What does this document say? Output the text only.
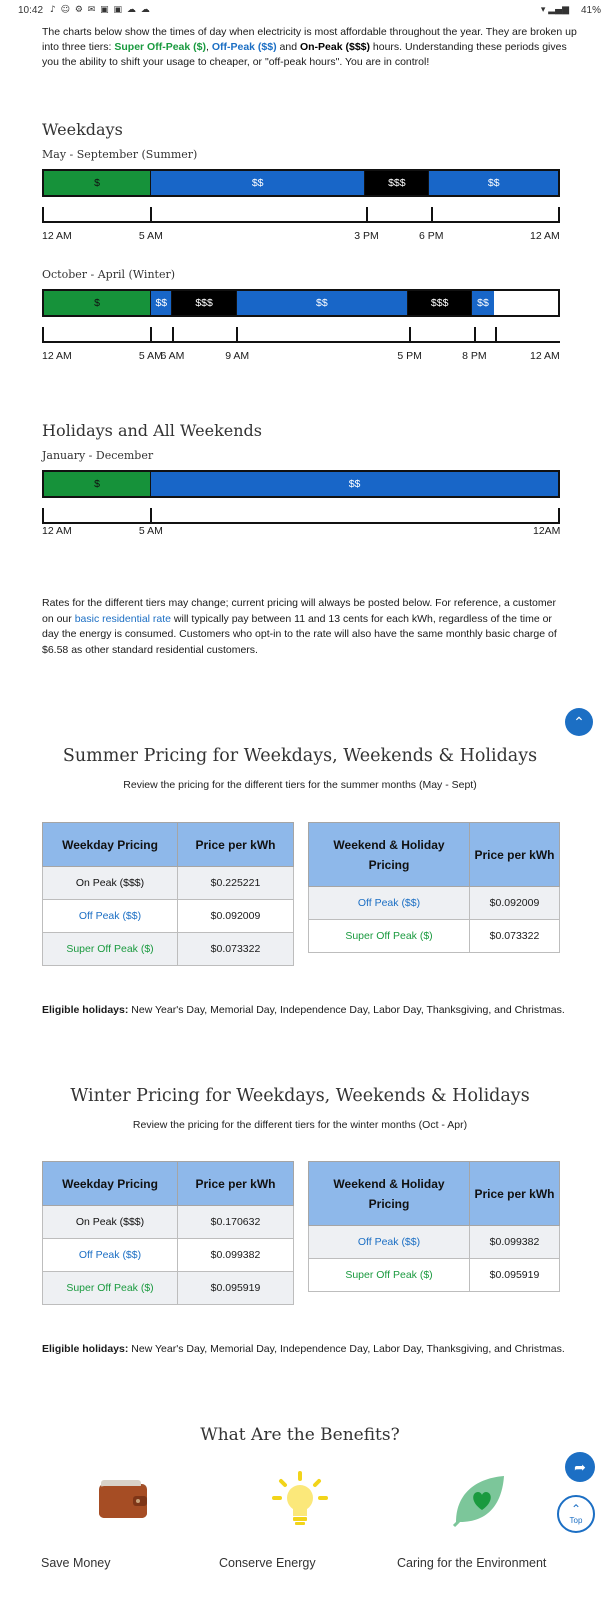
10:42 ♪ ☺ ⚙ ✉ ▣ ▣ ☁ ☁	▾ ▂▄▆ 41%

The charts below show the times of day when electricity is most affordable throughout the year. They are broken up into three tiers: Super Off-Peak ($), Off-Peak ($$) and On-Peak ($$$) hours. Understanding these periods gives you the ability to shift your usage to cheaper, or "off-peak hours". You are in control!

Weekdays
May - September (Summer)
$	$$	$$$	$$
12 AM	5 AM	3 PM	6 PM	12 AM
October - April (Winter)
$	$$	$$$	$$	$$$	$$
12 AM	5 AM
6 AM	9 AM	5 PM	8 PM	12 AM
Holidays and All Weekends
January - December
$	$$
12 AM	5 AM	12AM

Rates for the different tiers may change; current pricing will always be posted below. For reference, a customer on our basic residential rate will typically pay between 11 and 13 cents for each kWh, regardless of the time or day the energy is consumed. Customers who opt-in to the rate will also have the same monthly basic charge of $6.58 as other standard residential customers.

⌃
Summer Pricing for Weekdays, Weekends & Holidays
Review the pricing for the different tiers for the summer months (May - Sept)
Weekday Pricing	Price per kWh
On Peak ($$$)	$0.225221
Off Peak ($$)	$0.092009
Super Off Peak ($)	$0.073322
Weekend & Holiday Pricing	Price per kWh
Off Peak ($$)	$0.092009
Super Off Peak ($)	$0.073322

Eligible holidays: New Year's Day, Memorial Day, Independence Day, Labor Day, Thanksgiving, and Christmas.

Winter Pricing for Weekdays, Weekends & Holidays
Review the pricing for the different tiers for the winter months (Oct - Apr)
Weekday Pricing	Price per kWh
On Peak ($$$)	$0.170632
Off Peak ($$)	$0.099382
Super Off Peak ($)	$0.095919
Weekend & Holiday Pricing	Price per kWh
Off Peak ($$)	$0.099382
Super Off Peak ($)	$0.095919

Eligible holidays: New Year's Day, Memorial Day, Independence Day, Labor Day, Thanksgiving, and Christmas.

What Are the Benefits?
Save Money	Conserve Energy	Caring for the Environment
➦
⌃
Top
